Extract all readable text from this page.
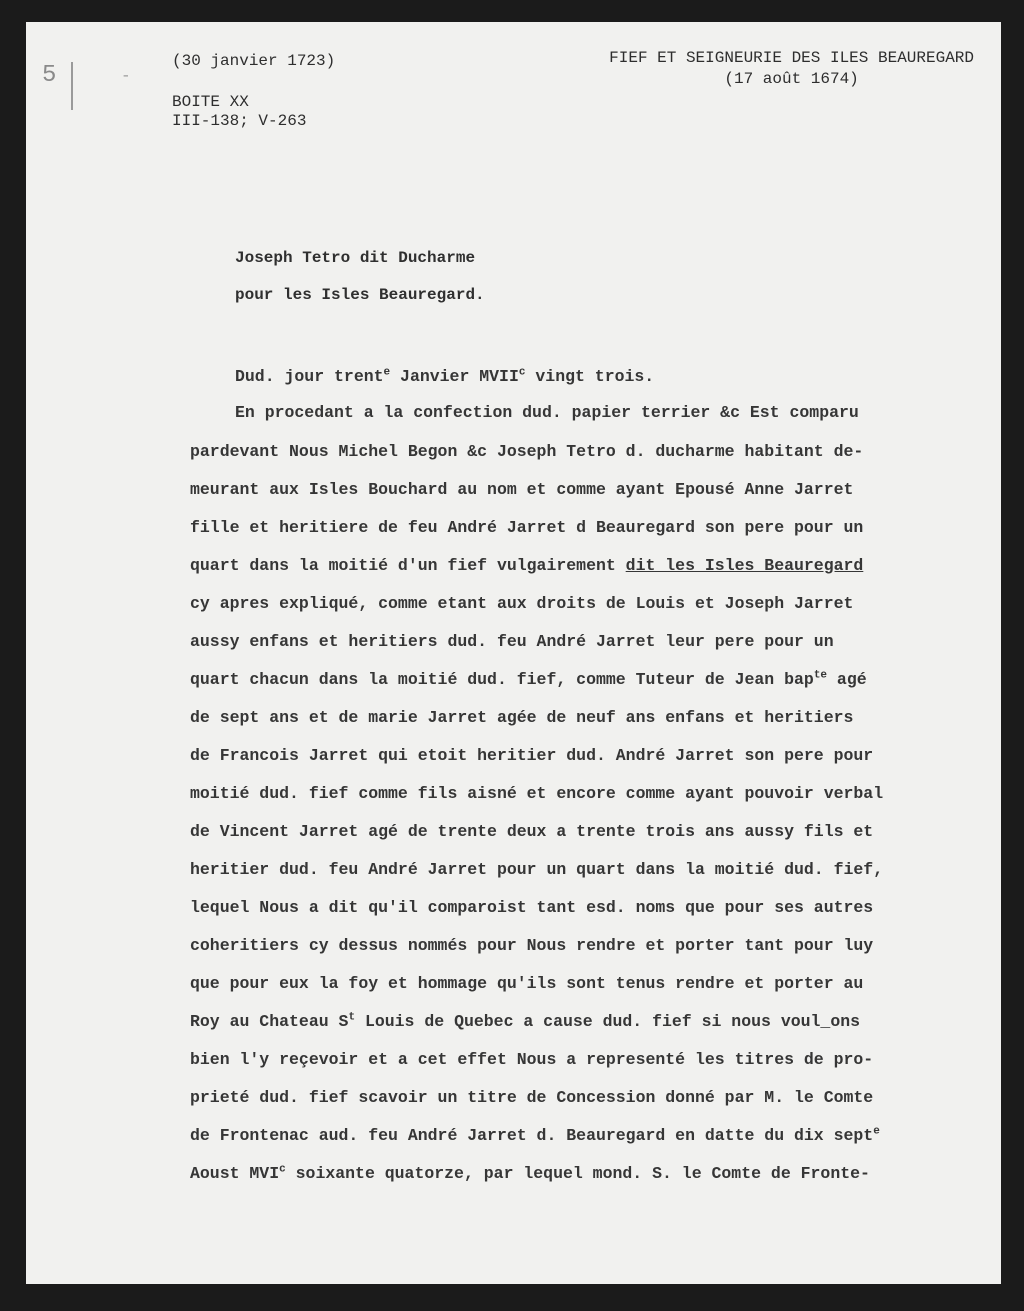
5	-
(30 janvier 1723)
BOITE XX
III-138; V-263
FIEF ET SEIGNEURIE DES ILES BEAUREGARD
(17 août 1674)
Joseph Tetro dit Ducharme
pour les Isles Beauregard.
Dud. jour trent$^e$ Janvier MVII$^c$ vingt trois.
En procedant a la confection dud. papier terrier &c Est comparu
pardevant Nous Michel Begon &c Joseph Tetro d. ducharme habitant de-
meurant aux Isles Bouchard au nom et comme ayant Epousé Anne Jarret
fille et heritiere de feu André Jarret d Beauregard son pere pour un
quart dans la moitié d'un fief vulgairement dit les Isles Beauregard
cy apres expliqué, comme etant aux droits de Louis et Joseph Jarret
aussy enfans et heritiers dud. feu André Jarret leur pere pour un
quart chacun dans la moitié dud. fief, comme Tuteur de Jean bap$^{te}$ agé
de sept ans et de marie Jarret agée de neuf ans enfans et heritiers
de Francois Jarret qui etoit heritier dud. André Jarret son pere pour
moitié dud. fief comme fils aisné et encore comme ayant pouvoir verbal
de Vincent Jarret agé de trente deux a trente trois ans aussy fils et
heritier dud. feu André Jarret pour un quart dans la moitié dud. fief,
lequel Nous a dit qu'il comparoist tant esd. noms que pour ses autres
coheritiers cy dessus nommés pour Nous rendre et porter tant pour luy
que pour eux la foy et hommage qu'ils sont tenus rendre et porter au
Roy au Chateau $S^t$ Louis de Quebec a cause dud. fief si nous voul_ons
bien l'y reçevoir et a cet effet Nous a representé les titres de pro-
prieté dud. fief scavoir un titre de Concession donné par M. le Comte
de Frontenac aud. feu André Jarret d. Beauregard en datte du dix sept$^e$
Aoust MVI$^c$ soixante quatorze, par lequel mond. S. le Comte de Fronte-
